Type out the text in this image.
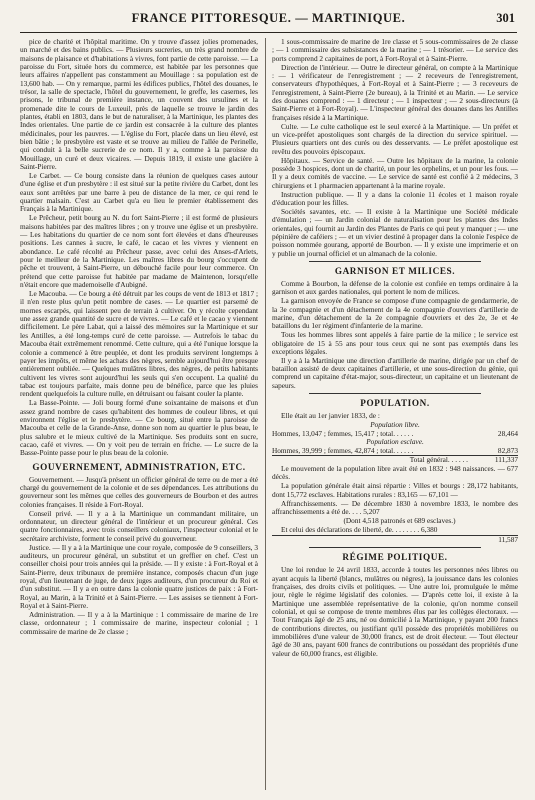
FRANCE PITTORESQUE. — MARTINIQUE.	301

pice de charité et l'hôpital maritime. On y trouve d'assez jolies promenades, un marché et des bains publics. — Plusieurs sucreries, un très grand nombre de maisons de plaisance et d'habitations à vivres, font partie de cette paroisse. — La paroisse du Fort, située hors du commerce, est habitée par les personnes que leurs affaires n'appellent pas constamment au Mouillage : sa population est de 13,600 hab. — On y remarque, parmi les édifices publics, l'hôtel des douanes, le trésor, la salle de spectacle, l'hôtel du gouvernement, le greffe, les casernes, les prisons, le tribunal de première instance, un couvent des ursulines et la promenade dite le cours de Luxeuil, près de laquelle se trouve le jardin des plantes, établi en 1803, dans le but de naturaliser, à la Martinique, les plantes des Indes orientales. Une partie de ce jardin est consacrée à la culture des plantes médicinales, pour les pauvres. — L'église du Fort, placée dans un lieu élevé, est bien bâtie ; le presbytère est vaste et se trouve au milieu de l'allée de Perinelle, qui conduit à la belle sucrerie de ce nom. Il y a, comme à la paroisse du Mouillage, un curé et deux vicaires. — Depuis 1819, il existe une glacière à Saint-Pierre.

Le Carbet. — Ce bourg consiste dans la réunion de quelques cases autour d'une église et d'un presbytère : il est situé sur la petite rivière du Carbet, dont les eaux sont arrêtées par une barre à peu de distance de la mer, ce qui rend le quartier malsain. C'est au Carbet qu'a eu lieu le premier établissement des Français à la Martinique.

Le Prêcheur, petit bourg au N. du fort Saint-Pierre ; il est formé de plusieurs maisons habitées par des maîtres libres ; on y trouve une église et un presbytère. — Les habitations du quartier de ce nom sont fort élevées et dans d'heureuses positions. Les cannes à sucre, le café, le cacao et les vivres y viennent en abondance. Le café récolté au Prêcheur passe, avec celui des Anses-d'Arlets, pour le meilleur de la Martinique. Les maîtres libres du bourg s'occupent de pêche et trouvent, à Saint-Pierre, un débouché facile pour leur commerce. On prétend que cette paroisse fut habitée par madame de Maintenon, lorsqu'elle n'était encore que mademoiselle d'Aubigné.

Le Macouba. — Ce bourg a été détruit par les coups de vent de 1813 et 1817 ; il n'en reste plus qu'un petit nombre de cases. — Le quartier est parsemé de mornes escarpés, qui laissent peu de terrain à cultiver. On y récolte cependant une assez grande quantité de sucre et de vivres. — Le café et le cacao y viennent difficilement. Le père Labat, qui a laissé des mémoires sur la Martinique et sur les Antilles, a été long-temps curé de cette paroisse. — Autrefois le tabac du Macouba était extrêmement renommé. Cette culture, qui a été l'unique lorsque la colonie a commencé à être peuplée, et dont les produits servirent longtemps à payer les impôts, et même les achats des nègres, semble aujourd'hui être presque entièrement oubliée. — Quelques mulâtres libres, des nègres, de petits habitants cultivent les vivres sont aujourd'hui les seuls qui s'en occupent. La qualité du tabac est toujours parfaite, mais donne peu de bénéfice, parce que les pluies rendent quelquefois la culture nulle, en détruisant ou faisant couler la plante.

La Basse-Pointe. — Joli bourg formé d'une soixantaine de maisons et d'un assez grand nombre de cases qu'habitent des hommes de couleur libres, et qui environnent l'église et le presbytère. — Ce bourg, situé entre la paroisse de Macouba et celle de la Grande-Anse, donne son nom au quartier le plus beau, le plus salubre et le mieux cultivé de la Martinique. Ses produits sont en sucre, cacao, café et vivres. — On y voit peu de terrain en friche. — Le sucre de la Basse-Pointe passe pour le plus beau de la colonie.

GOUVERNEMENT, ADMINISTRATION, ETC.

Gouvernement. — Jusqu'à présent un officier général de terre ou de mer a été chargé du gouvernement de la colonie et de ses dépendances. Les attributions du gouverneur sont les mêmes que celles des gouverneurs de Bourbon et des autres colonies françaises. Il réside à Fort-Royal.

Conseil privé. — Il y a à la Martinique un commandant militaire, un ordonnateur, un directeur général de l'intérieur et un procureur général. Ces quatre fonctionnaires, avec trois conseillers coloniaux, l'inspecteur colonial et le secrétaire archiviste, forment le conseil privé du gouverneur.

Justice. — Il y a à la Martinique une cour royale, composée de 9 conseillers, 3 auditeurs, un procureur général, un substitut et un greffier en chef. C'est un conseiller choisi pour trois années qui la préside. — Il y existe : à Fort-Royal et à Saint-Pierre, deux tribunaux de première instance, composés chacun d'un juge royal, d'un lieutenant de juge, de deux juges auditeurs, d'un procureur du Roi et d'un substitut. — Il y a en outre dans la colonie quatre justices de paix : à Fort-Royal, au Marin, à la Trinité et à Saint-Pierre. — Les assises se tiennent à Fort-Royal et à Saint-Pierre.

Administration. — Il y a à la Martinique : 1 commissaire de marine de 1re classe, ordonnateur ; 1 commissaire de marine, inspecteur colonial ; 1 commissaire de marine de 2e classe ;

1 sous-commissaire de marine de 1re classe et 5 sous-commissaires de 2e classe ; — 1 commissaire des subsistances de la marine ; — 1 trésorier. — Le service des ports comprend 2 capitaines de port, à Fort-Royal et à Saint-Pierre.

Direction de l'intérieur. — Outre le directeur général, on compte à la Martinique : — 1 vérificateur de l'enregistrement ; — 2 receveurs de l'enregistrement, conservateurs d'hypothèques, à Fort-Royal et à Saint-Pierre ; — 3 receveurs de l'enregistrement, à Saint-Pierre (2e bureau), à la Trinité et au Marin. — Le service des douanes comprend : — 1 directeur ; — 1 inspecteur ; — 2 sous-directeurs (à Saint-Pierre et à Fort-Royal). — L'inspecteur général des douanes dans les Antilles françaises réside à la Martinique.

Culte. — Le culte catholique est le seul exercé à la Martinique. — Un préfet et un vice-préfet apostoliques sont chargés de la direction du service spirituel. — Plusieurs quartiers ont des curés ou des desservants. — Le préfet apostolique est revêtu des pouvoirs épiscopaux.

Hôpitaux. — Service de santé. — Outre les hôpitaux de la marine, la colonie possède 3 hospices, dont un de charité, un pour les orphelins, et un pour les fous. — Il y a deux comités de vaccine. — Le service de santé est confié à 2 médecins, 3 chirurgiens et 1 pharmacien appartenant à la marine royale.

Instruction publique. — Il y a dans la colonie 11 écoles et 1 maison royale d'éducation pour les filles.

Sociétés savantes, etc. — Il existe à la Martinique une Société médicale d'émulation ; — un Jardin colonial de naturalisation pour les plantes des Indes orientales, qui fournit au Jardin des Plantes de Paris ce qui peut y manquer ; — une pépinière de caféiers ; — et un vivier destiné à propager dans la colonie l'espèce de poisson nommée gourang, apporté de Bourbon. — Il y existe une imprimerie et on y publie un journal officiel et un almanach de la colonie.

GARNISON ET MILICES.

Comme à Bourbon, la défense de la colonie est confiée en temps ordinaire à la garnison et aux gardes nationales, qui portent le nom de milices.

La garnison envoyée de France se compose d'une compagnie de gendarmerie, de la 3e compagnie et d'un détachement de la 4e compagnie d'ouvriers d'artillerie de marine, d'un détachement de la 2e compagnie d'ouvriers et des 2e, 3e et 4e bataillons du 1er régiment d'infanterie de la marine.

Tous les hommes libres sont appelés à faire partie de la milice ; le service est obligatoire de 15 à 55 ans pour tous ceux qui ne sont pas exemptés dans les exceptions légales.

Il y a à la Martinique une direction d'artillerie de marine, dirigée par un chef de bataillon assisté de deux capitaines d'artillerie, et une sous-direction du génie, qui comprend un capitaine d'état-major, sous-directeur, un capitaine et un lieutenant de sapeurs.

POPULATION.

Elle était au 1er janvier 1833, de :

Population libre.	
Hommes, 13,047 ; femmes, 15,417 ; total. . . . . .	28,464
Population esclave.	
Hommes, 39,999 ; femmes, 42,874 ; total. . . . . .	82,873
Total général. . . . . .	111,337

Le mouvement de la population libre avait été en 1832 : 948 naissances. — 677 décès.

La population générale était ainsi répartie : Villes et bourgs : 28,172 habitants, dont 15,772 esclaves. Habitations rurales : 83,165 — 67,101 —

Affranchissements. — De décembre 1830 à novembre 1833, le nombre des affranchissements a été de. . . . 5,207

(Dont 4,518 patronés et 689 esclaves.)

Et celui des déclarations de liberté, de. . . . . . . . 6,380

	11,587
RÉGIME POLITIQUE.

Une loi rendue le 24 avril 1833, accorde à toutes les personnes nées libres ou ayant acquis la liberté (blancs, mulâtres ou nègres), la jouissance dans les colonies françaises, des droits civils et politiques. — Une autre loi, promulguée le même jour, règle le régime législatif des colonies. — D'après cette loi, il existe à la Martinique une assemblée représentative de la colonie, qu'on nomme conseil colonial, et qui se compose de trente membres élus par les collèges électoraux. — Tout Français âgé de 25 ans, né ou domicilié à la Martinique, y payant 200 francs de contributions directes, ou justifiant qu'il possède des propriétés mobilières ou immobilières d'une valeur de 30,000 francs, est de droit électeur. — Tout électeur âgé de 30 ans, payant 600 francs de contributions ou possédant des propriétés d'une valeur de 60,000 francs, est éligible.
